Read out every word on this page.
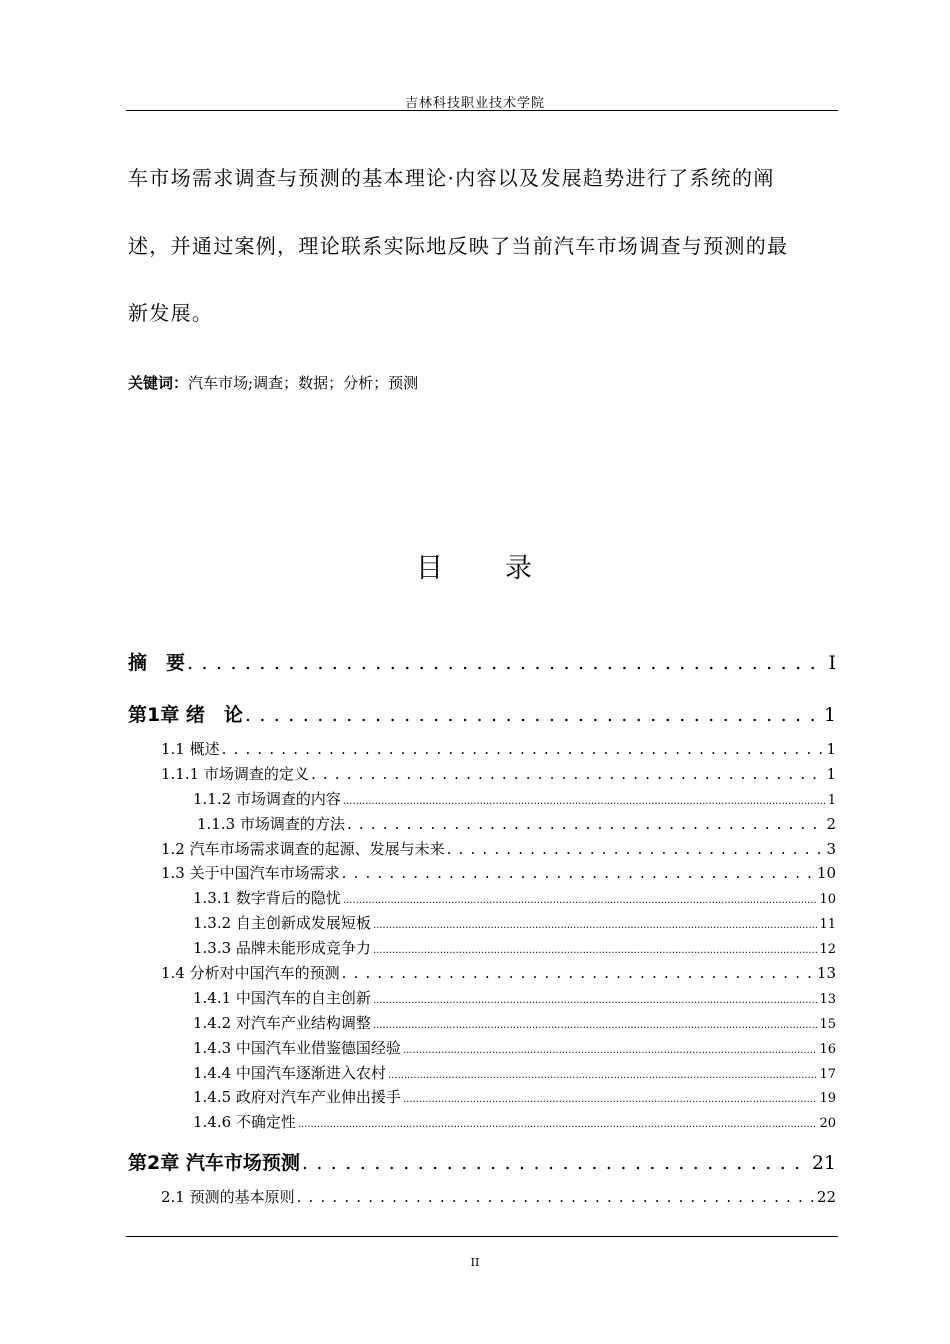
吉林科技职业技术学院
车市场需求调查与预测的基本理论·内容以及发展趋势进行了系统的阐
述，并通过案例，理论联系实际地反映了当前汽车市场调查与预测的最
新发展。
关键词：汽车市场;调查；数据；分析；预测
目 录
摘　要 . . .	I
第1章 绪　论 . . .	1
1.1 概述 . . .	1
1.1.1 市场调查的定义 . . .	1
1.1.2 市场调查的内容 .....	1
1.1.3 市场调查的方法 . . .	2
1.2 汽车市场需求调查的起源、发展与未来 . . .	3
1.3 关于中国汽车市场需求 . . .	10
1.3.1 数字背后的隐忧 .....	10
1.3.2 自主创新成发展短板 .....	11
1.3.3 品牌未能形成竞争力 .....	12
1.4 分析对中国汽车的预测 . . .	13
1.4.1 中国汽车的自主创新 .....	13
1.4.2 对汽车产业结构调整 .....	15
1.4.3 中国汽车业借鉴德国经验 .....	16
1.4.4 中国汽车逐渐进入农村 .....	17
1.4.5 政府对汽车产业伸出援手 .....	19
1.4.6 不确定性 .....	20
第2章 汽车市场预测 . . .	21
2.1 预测的基本原则 . . .	22
II
